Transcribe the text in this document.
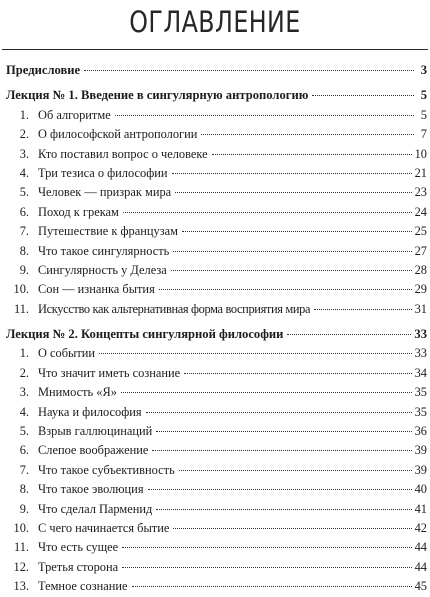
ОГЛАВЛЕНИЕ
Предисловие	3
Лекция № 1. Введение в сингулярную антропологию	5
1. Об алгоритме	5
2. О философской антропологии	7
3. Кто поставил вопрос о человеке	10
4. Три тезиса о философии	21
5. Человек — призрак мира	23
6. Поход к грекам	24
7. Путешествие к французам	25
8. Что такое сингулярность	27
9. Сингулярность у Делеза	28
10. Сон — изнанка бытия	29
11. Искусство как альтернативная форма восприятия мира	31
Лекция № 2. Концепты сингулярной философии	33
1. О событии	33
2. Что значит иметь сознание	34
3. Мнимость «Я»	35
4. Наука и философия	35
5. Взрыв галлюцинаций	36
6. Слепое воображение	39
7. Что такое субъективность	39
8. Что такое эволюция	40
9. Что сделал Парменид	41
10. С чего начинается бытие	42
11. Что есть сущее	44
12. Третья сторона	44
13. Темное сознание	45
